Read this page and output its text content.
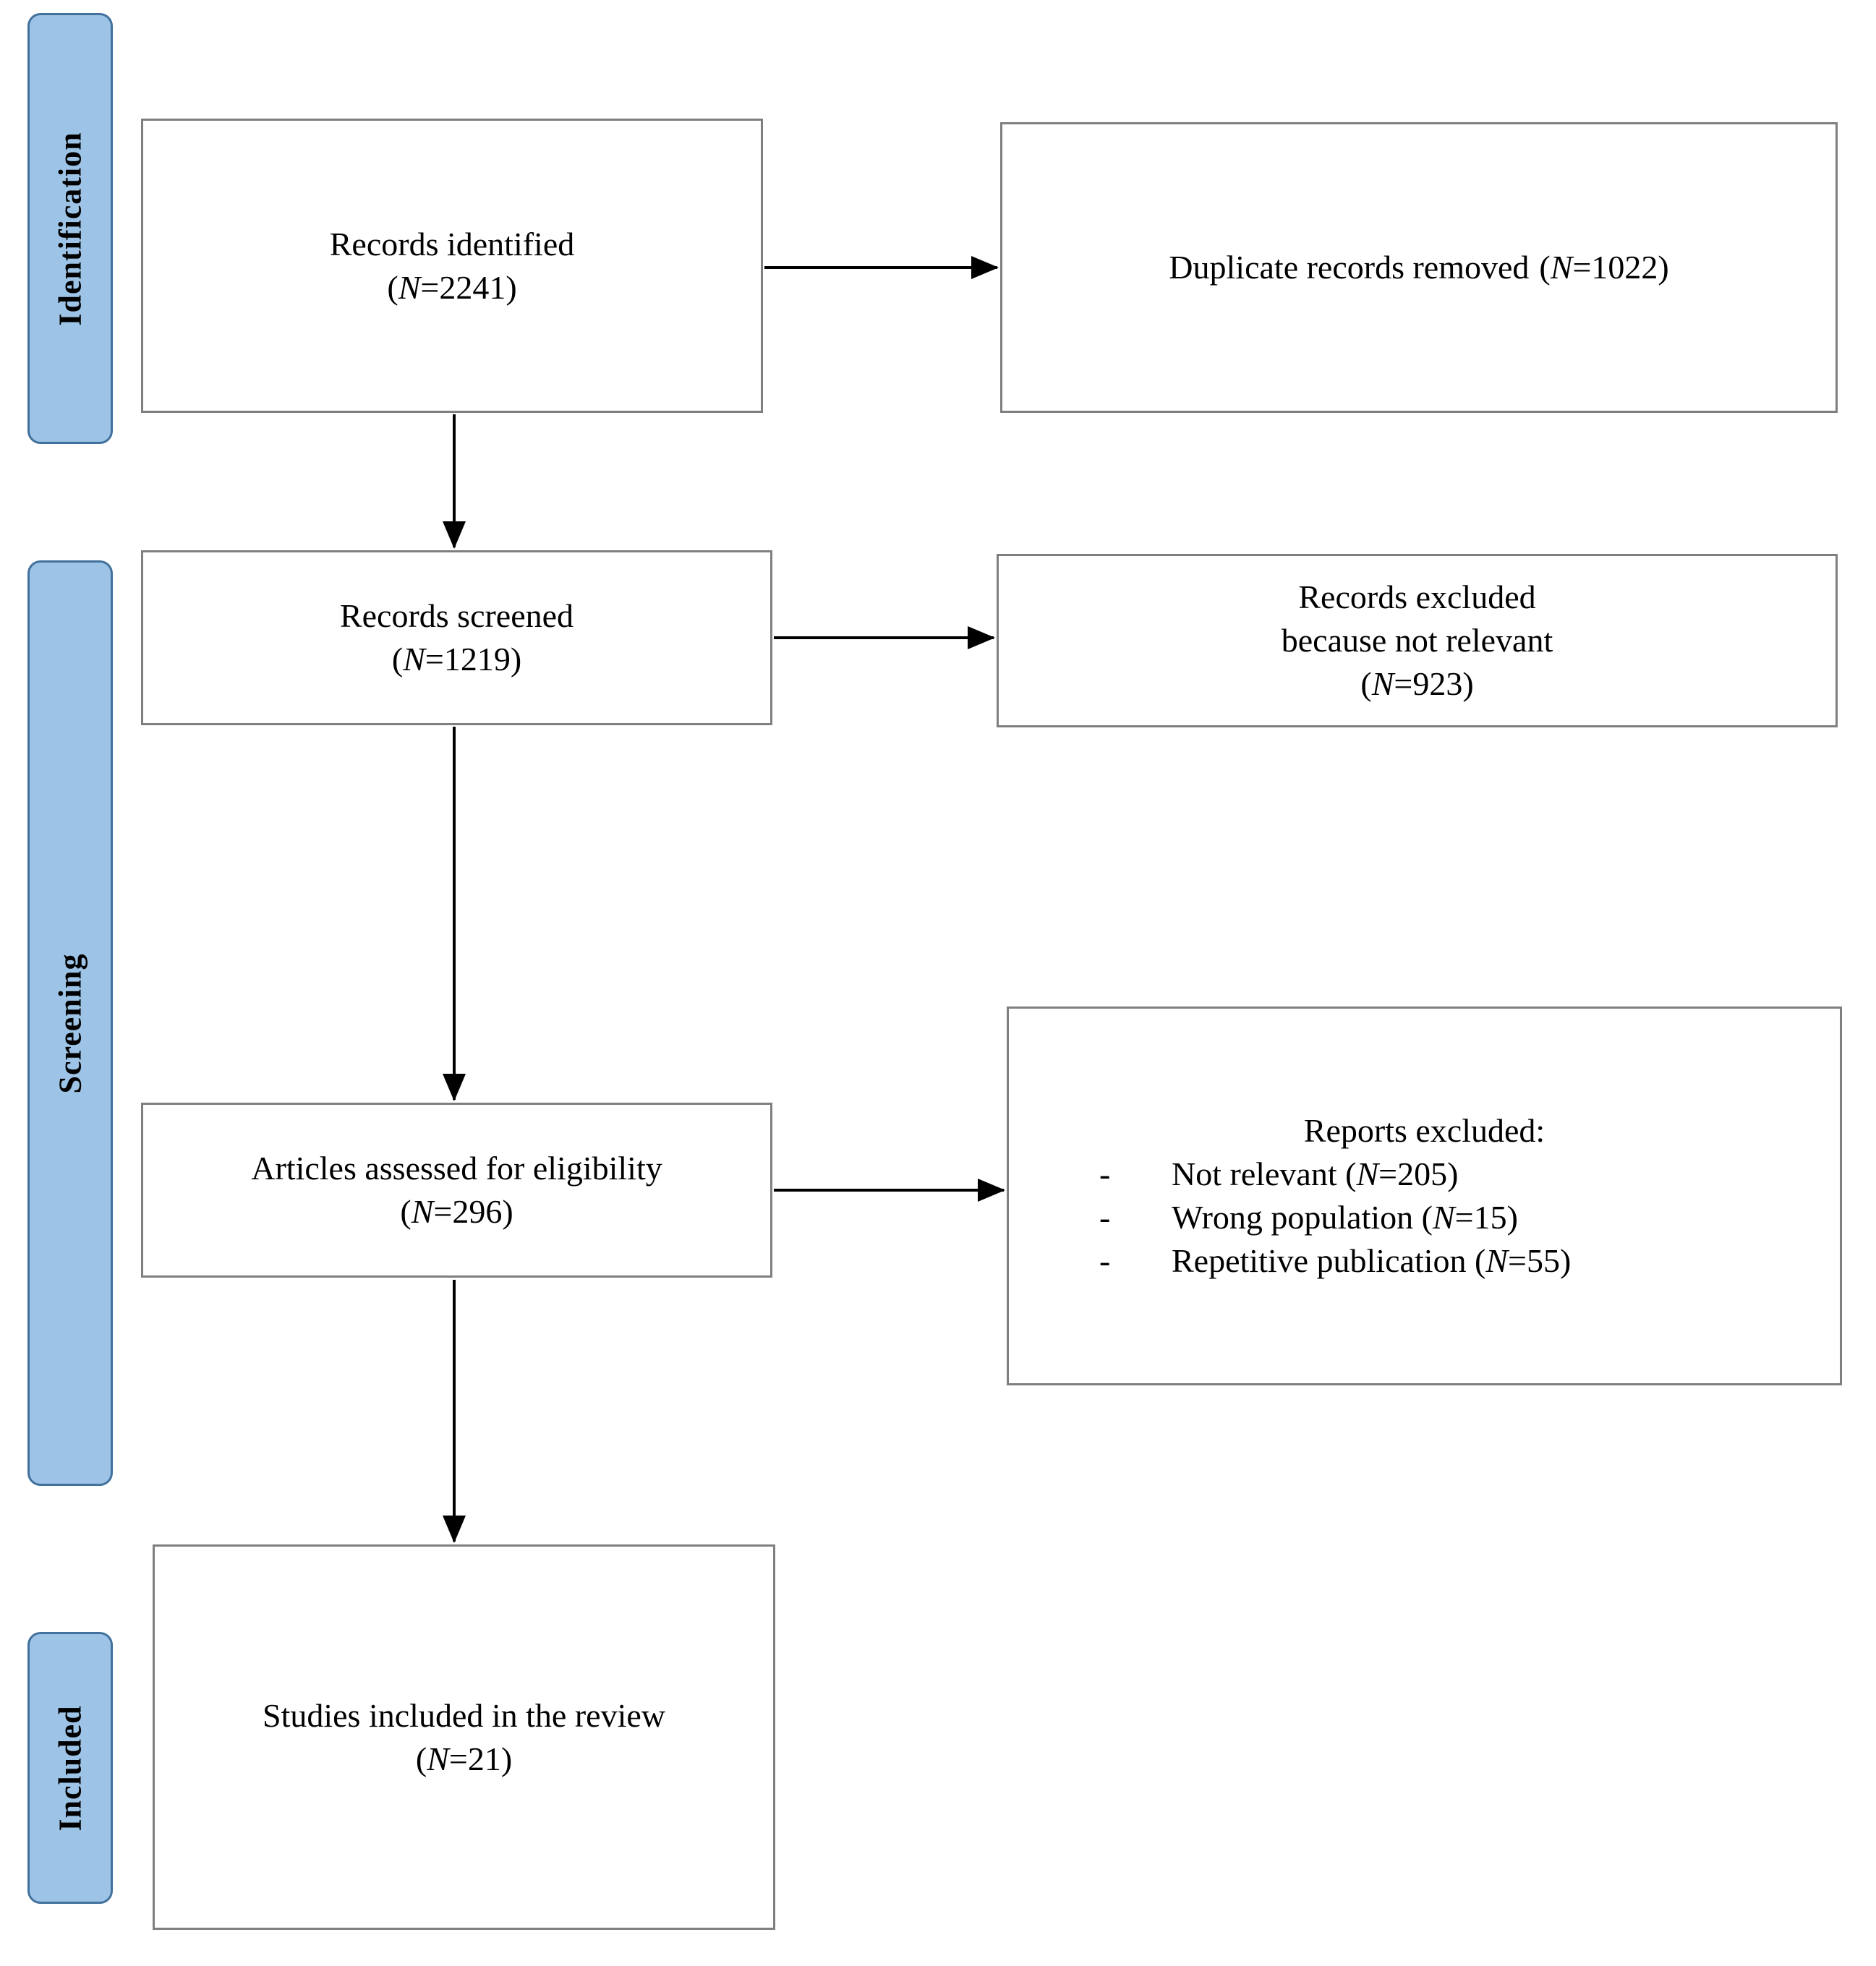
Identification
Screening
Included
Records identified
(N=2241)
Duplicate records removed (N=1022)
Records screened
(N=1219)
Records excluded
because not relevant
(N=923)
Articles assessed for eligibility
(N=296)
Reports excluded:
-	Not relevant (N=205)
-	Wrong population (N=15)
-	Repetitive publication (N=55)
Studies included in the review
(N=21)
